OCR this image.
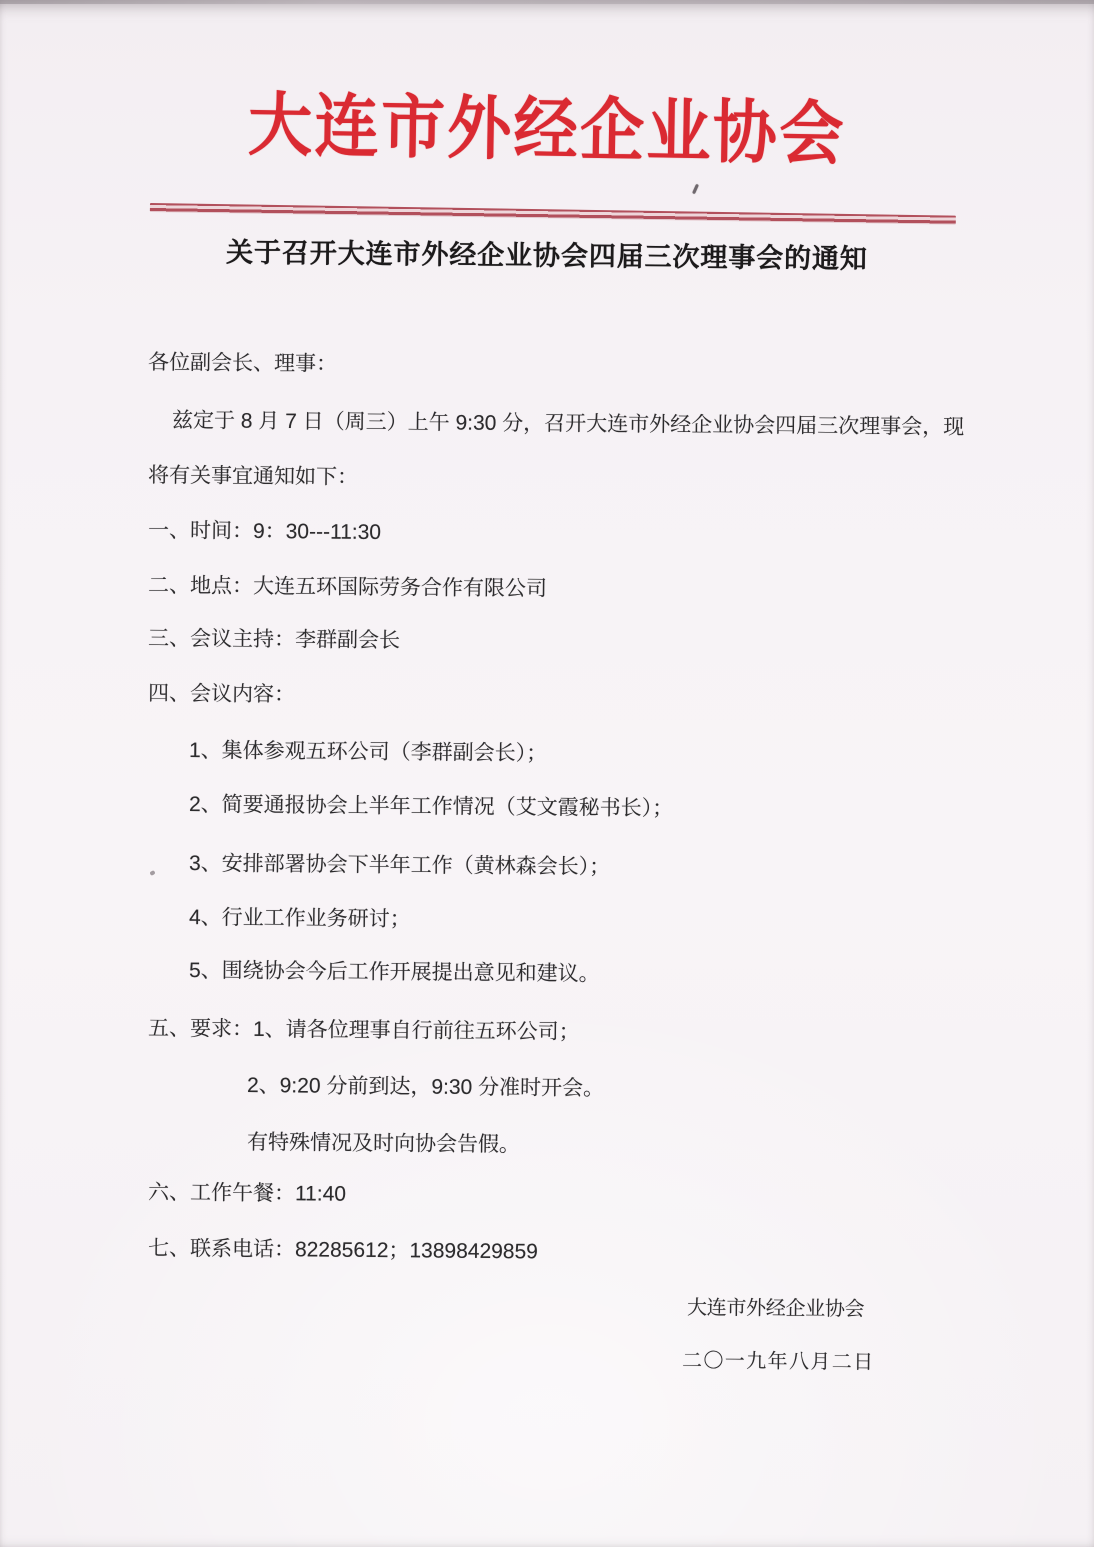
大连市外经企业协会
关于召开大连市外经企业协会四届三次理事会的通知

各位副会长、理事：

兹定于 8 月 7 日（周三）上午 9:30 分，召开大连市外经企业协会四届三次理事会，现

将有关事宜通知如下：

一、时间：9：30---11:30

二、地点：大连五环国际劳务合作有限公司

三、会议主持：李群副会长

四、会议内容：

1、集体参观五环公司（李群副会长）；

2、简要通报协会上半年工作情况（艾文霞秘书长）；

3、安排部署协会下半年工作（黄林森会长）；

4、行业工作业务研讨；

5、围绕协会今后工作开展提出意见和建议。

五、要求：1、请各位理事自行前往五环公司；

2、9:20 分前到达，9:30 分准时开会。

有特殊情况及时向协会告假。

六、工作午餐：11:40

七、联系电话：82285612；13898429859

大连市外经企业协会

二〇一九年八月二日
